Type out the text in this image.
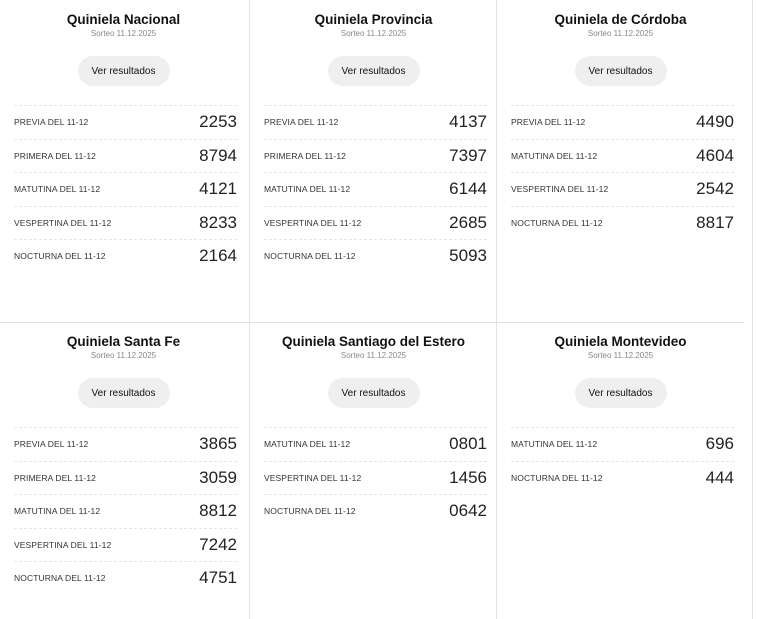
Quiniela Nacional
Sorteo 11.12.2025
Ver resultados
PREVIA DEL 11-12	2253
PRIMERA DEL 11-12	8794
MATUTINA DEL 11-12	4121
VESPERTINA DEL 11-12	8233
NOCTURNA DEL 11-12	2164
Quiniela Provincia
Sorteo 11.12.2025
Ver resultados
PREVIA DEL 11-12	4137
PRIMERA DEL 11-12	7397
MATUTINA DEL 11-12	6144
VESPERTINA DEL 11-12	2685
NOCTURNA DEL 11-12	5093
Quiniela de Córdoba
Sorteo 11.12.2025
Ver resultados
PREVIA DEL 11-12	4490
MATUTINA DEL 11-12	4604
VESPERTINA DEL 11-12	2542
NOCTURNA DEL 11-12	8817
Quiniela Santa Fe
Sorteo 11.12.2025
Ver resultados
PREVIA DEL 11-12	3865
PRIMERA DEL 11-12	3059
MATUTINA DEL 11-12	8812
VESPERTINA DEL 11-12	7242
NOCTURNA DEL 11-12	4751
Quiniela Santiago del Estero
Sorteo 11.12.2025
Ver resultados
MATUTINA DEL 11-12	0801
VESPERTINA DEL 11-12	1456
NOCTURNA DEL 11-12	0642
Quiniela Montevideo
Sorteo 11.12.2025
Ver resultados
MATUTINA DEL 11-12	696
NOCTURNA DEL 11-12	444
